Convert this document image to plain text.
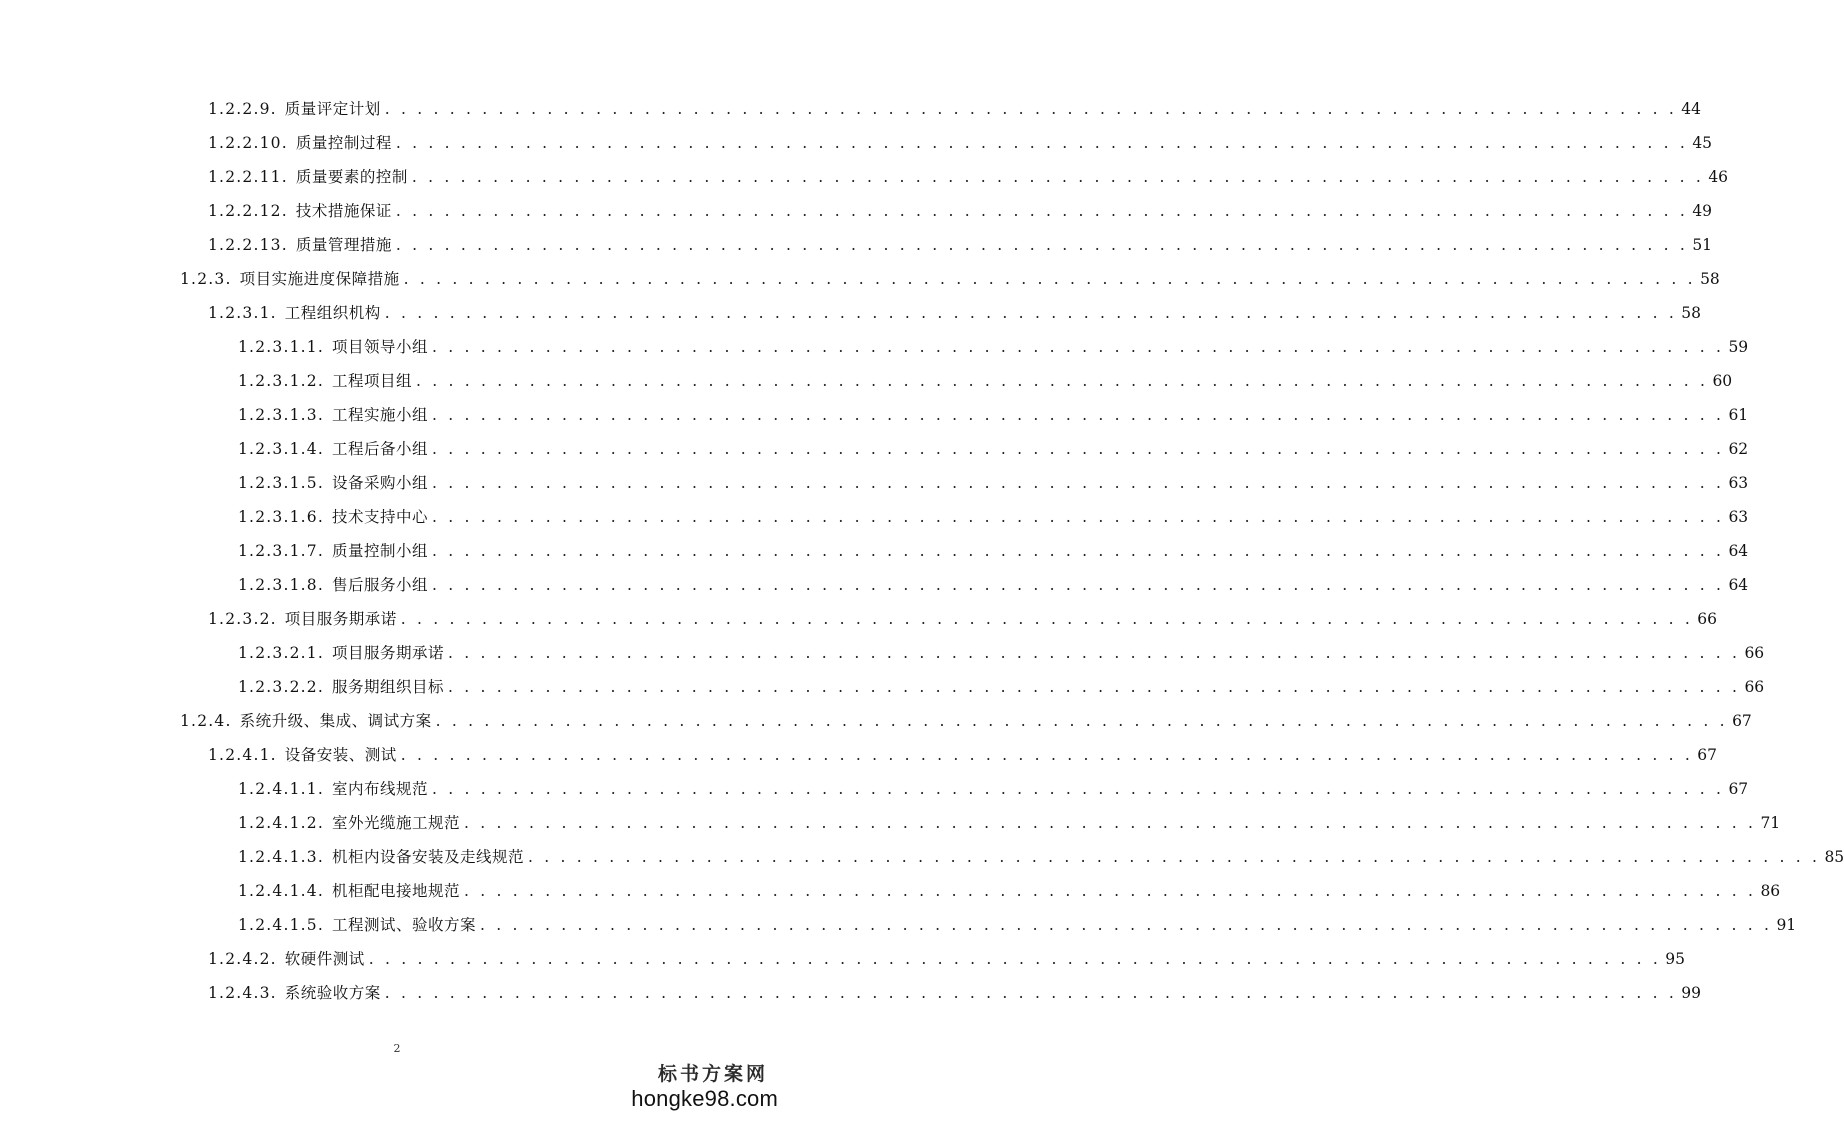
1.2.2.9. 质量评定计划 . . . . . . . . . . . . . . . . . . . . . . . . . . . . . . . . . . . . . . . . . . . . . . . . . . . . . . . . . . . . . . . . . . . . . . . . . . . . . . . . 44
1.2.2.10. 质量控制过程 . . . . . . . . . . . . . . . . . . . . . . . . . . . . . . . . . . . . . . . . . . . . . . . . . . . . . . . . . . . . . . . . . . . . . . . . . . . . . . . . 45
1.2.2.11. 质量要素的控制 . . . . . . . . . . . . . . . . . . . . . . . . . . . . . . . . . . . . . . . . . . . . . . . . . . . . . . . . . . . . . . . . . . . . . . . . . . . . . . . . 46
1.2.2.12. 技术措施保证 . . . . . . . . . . . . . . . . . . . . . . . . . . . . . . . . . . . . . . . . . . . . . . . . . . . . . . . . . . . . . . . . . . . . . . . . . . . . . . . . 49
1.2.2.13. 质量管理措施 . . . . . . . . . . . . . . . . . . . . . . . . . . . . . . . . . . . . . . . . . . . . . . . . . . . . . . . . . . . . . . . . . . . . . . . . . . . . . . . . 51
1.2.3. 项目实施进度保障措施 . . . . . . . . . . . . . . . . . . . . . . . . . . . . . . . . . . . . . . . . . . . . . . . . . . . . . . . . . . . . . . . . . . . . . . . . . . . . . . . . 58
1.2.3.1. 工程组织机构 . . . . . . . . . . . . . . . . . . . . . . . . . . . . . . . . . . . . . . . . . . . . . . . . . . . . . . . . . . . . . . . . . . . . . . . . . . . . . . . . 58
1.2.3.1.1. 项目领导小组 . . . . . . . . . . . . . . . . . . . . . . . . . . . . . . . . . . . . . . . . . . . . . . . . . . . . . . . . . . . . . . . . . . . . . . . . . . . . . . . . 59
1.2.3.1.2. 工程项目组 . . . . . . . . . . . . . . . . . . . . . . . . . . . . . . . . . . . . . . . . . . . . . . . . . . . . . . . . . . . . . . . . . . . . . . . . . . . . . . . . 60
1.2.3.1.3. 工程实施小组 . . . . . . . . . . . . . . . . . . . . . . . . . . . . . . . . . . . . . . . . . . . . . . . . . . . . . . . . . . . . . . . . . . . . . . . . . . . . . . . . 61
1.2.3.1.4. 工程后备小组 . . . . . . . . . . . . . . . . . . . . . . . . . . . . . . . . . . . . . . . . . . . . . . . . . . . . . . . . . . . . . . . . . . . . . . . . . . . . . . . . 62
1.2.3.1.5. 设备采购小组 . . . . . . . . . . . . . . . . . . . . . . . . . . . . . . . . . . . . . . . . . . . . . . . . . . . . . . . . . . . . . . . . . . . . . . . . . . . . . . . . 63
1.2.3.1.6. 技术支持中心 . . . . . . . . . . . . . . . . . . . . . . . . . . . . . . . . . . . . . . . . . . . . . . . . . . . . . . . . . . . . . . . . . . . . . . . . . . . . . . . . 63
1.2.3.1.7. 质量控制小组 . . . . . . . . . . . . . . . . . . . . . . . . . . . . . . . . . . . . . . . . . . . . . . . . . . . . . . . . . . . . . . . . . . . . . . . . . . . . . . . . 64
1.2.3.1.8. 售后服务小组 . . . . . . . . . . . . . . . . . . . . . . . . . . . . . . . . . . . . . . . . . . . . . . . . . . . . . . . . . . . . . . . . . . . . . . . . . . . . . . . . 64
1.2.3.2. 项目服务期承诺 . . . . . . . . . . . . . . . . . . . . . . . . . . . . . . . . . . . . . . . . . . . . . . . . . . . . . . . . . . . . . . . . . . . . . . . . . . . . . . . . 66
1.2.3.2.1. 项目服务期承诺 . . . . . . . . . . . . . . . . . . . . . . . . . . . . . . . . . . . . . . . . . . . . . . . . . . . . . . . . . . . . . . . . . . . . . . . . . . . . . . . . 66
1.2.3.2.2. 服务期组织目标 . . . . . . . . . . . . . . . . . . . . . . . . . . . . . . . . . . . . . . . . . . . . . . . . . . . . . . . . . . . . . . . . . . . . . . . . . . . . . . . . 66
1.2.4. 系统升级、集成、调试方案 . . . . . . . . . . . . . . . . . . . . . . . . . . . . . . . . . . . . . . . . . . . . . . . . . . . . . . . . . . . . . . . . . . . . . . . . . . . . . . . . 67
1.2.4.1. 设备安装、测试 . . . . . . . . . . . . . . . . . . . . . . . . . . . . . . . . . . . . . . . . . . . . . . . . . . . . . . . . . . . . . . . . . . . . . . . . . . . . . . . . 67
1.2.4.1.1. 室内布线规范 . . . . . . . . . . . . . . . . . . . . . . . . . . . . . . . . . . . . . . . . . . . . . . . . . . . . . . . . . . . . . . . . . . . . . . . . . . . . . . . . 67
1.2.4.1.2. 室外光缆施工规范 . . . . . . . . . . . . . . . . . . . . . . . . . . . . . . . . . . . . . . . . . . . . . . . . . . . . . . . . . . . . . . . . . . . . . . . . . . . . . . . . 71
1.2.4.1.3. 机柜内设备安装及走线规范 . . . . . . . . . . . . . . . . . . . . . . . . . . . . . . . . . . . . . . . . . . . . . . . . . . . . . . . . . . . . . . . . . . . . . . . . . . . . . . . . 85
1.2.4.1.4. 机柜配电接地规范 . . . . . . . . . . . . . . . . . . . . . . . . . . . . . . . . . . . . . . . . . . . . . . . . . . . . . . . . . . . . . . . . . . . . . . . . . . . . . . . . 86
1.2.4.1.5. 工程测试、验收方案 . . . . . . . . . . . . . . . . . . . . . . . . . . . . . . . . . . . . . . . . . . . . . . . . . . . . . . . . . . . . . . . . . . . . . . . . . . . . . . . . 91
1.2.4.2. 软硬件测试 . . . . . . . . . . . . . . . . . . . . . . . . . . . . . . . . . . . . . . . . . . . . . . . . . . . . . . . . . . . . . . . . . . . . . . . . . . . . . . . . 95
1.2.4.3. 系统验收方案 . . . . . . . . . . . . . . . . . . . . . . . . . . . . . . . . . . . . . . . . . . . . . . . . . . . . . . . . . . . . . . . . . . . . . . . . . . . . . . . . 99
2
标书方案网
hongke98.com
